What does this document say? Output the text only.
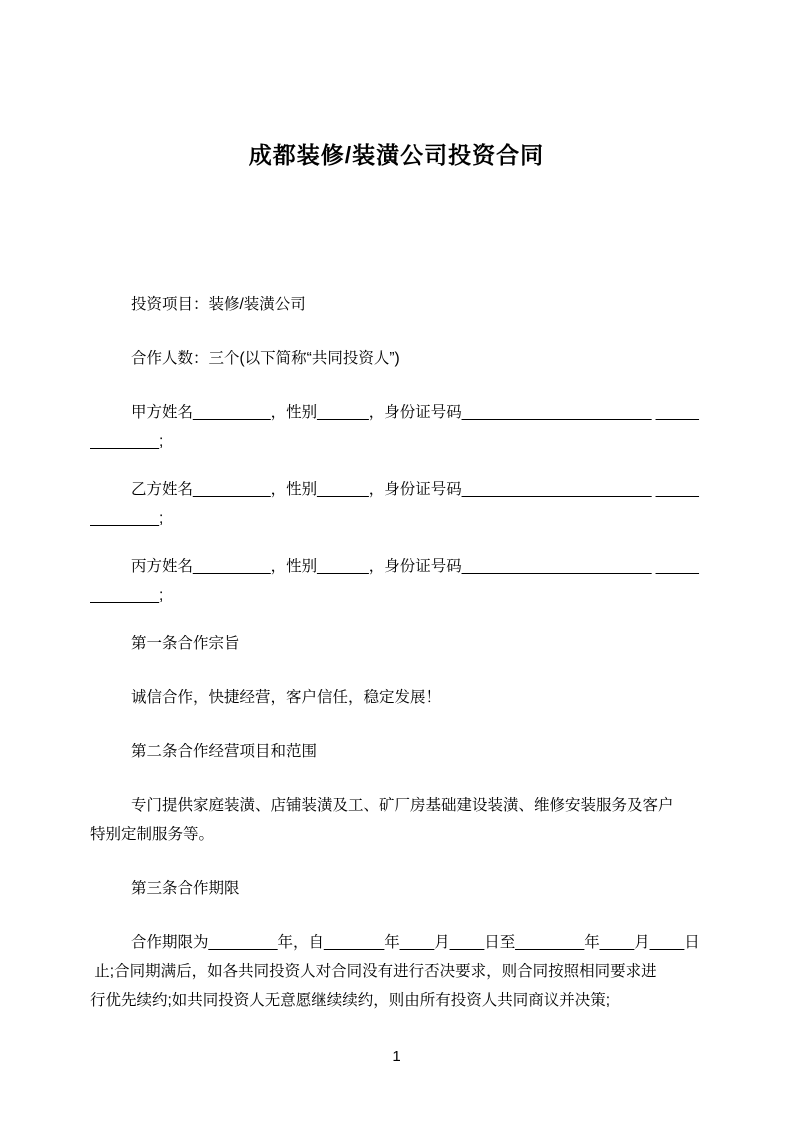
成都装修/装潢公司投资合同

投资项目：装修/装潢公司

合作人数：三个(以下简称“共同投资人”)

甲方姓名_________，性别______，身份证号码______________________ _____
________;

乙方姓名_________，性别______，身份证号码______________________ _____
________;

丙方姓名_________，性别______，身份证号码______________________ _____
________;

第一条合作宗旨

诚信合作，快捷经营，客户信任，稳定发展！

第二条合作经营项目和范围

专门提供家庭装潢、店铺装潢及工、矿厂房基础建设装潢、维修安装服务及客户
特别定制服务等。

第三条合作期限

合作期限为________年，自_______年____月____日至________年____月____日
止;合同期满后，如各共同投资人对合同没有进行否决要求，则合同按照相同要求进
行优先续约;如共同投资人无意愿继续续约，则由所有投资人共同商议并决策;

1
